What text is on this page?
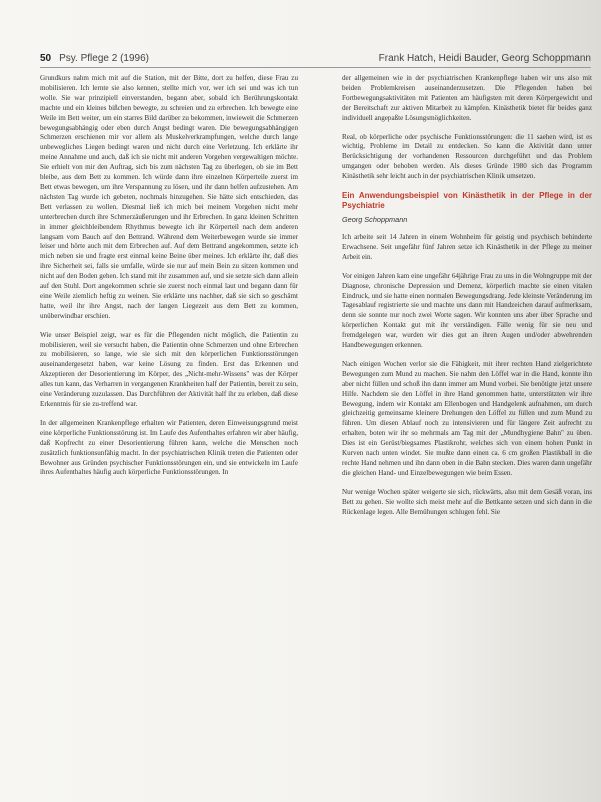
50 Psy. Pflege 2 (1996)	Frank Hatch, Heidi Bauder, Georg Schoppmann

Grundkurs nahm mich mit auf die Station, mit der Bitte, dort zu helfen, diese Frau zu mobilisieren. Ich lernte sie also kennen, stellte mich vor, wer ich sei und was ich tun wolle. Sie war prinzipiell einverstanden, begann aber, sobald ich Berührungskontakt machte und ein kleines bißchen bewegte, zu schreien und zu erbrechen. Ich bewegte eine Weile im Bett weiter, um ein starres Bild darüber zu bekommen, inwieweit die Schmerzen bewegungsabhängig oder eben durch Angst bedingt waren. Die bewegungsabhängigen Schmerzen erschienen mir vor allem als Muskelverkrampfungen, welche durch lange unbewegliches Liegen bedingt waren und nicht durch eine Verletzung. Ich erklärte ihr meine Annahme und auch, daß ich sie nicht mit anderen Vorgehen vergewaltigen möchte. Sie erhielt von mir den Auftrag, sich bis zum nächsten Tag zu überlegen, ob sie im Bett bleibe, aus dem Bett zu kommen. Ich würde dann ihre einzelnen Körperteile zuerst im Bett etwas bewegen, um ihre Verspannung zu lösen, und ihr dann helfen aufzustehen. Am nächsten Tag wurde ich gebeten, nochmals hinzugehen. Sie hätte sich entschieden, das Bett verlassen zu wollen. Diesmal ließ ich mich bei meinem Vorgehen nicht mehr unterbrechen durch ihre Schmerzäußerungen und ihr Erbrechen. In ganz kleinen Schritten in immer gleichbleibendem Rhythmus bewegte ich ihr Körperteil nach dem anderen langsam vom Bauch auf den Bettrand. Während dem Weiterbewegen wurde sie immer leiser und hörte auch mit dem Erbrechen auf. Auf dem Bettrand angekommen, setzte ich mich neben sie und fragte erst einmal keine Beine über meines. Ich erklärte ihr, daß dies ihre Sicherheit sei, falls sie umfalle, würde sie nur auf mein Bein zu sitzen kommen und nicht auf den Boden gehen. Ich stand mit ihr zusammen auf, und sie setzte sich dann allein auf den Stuhl. Dort angekommen schrie sie zuerst noch einmal laut und begann dann für eine Weile ziemlich heftig zu weinen. Sie erklärte uns nachher, daß sie sich so geschämt hatte, weil ihr ihre Angst, nach der langen Liegezeit aus dem Bett zu kommen, unüberwindbar erschien.

Wie unser Beispiel zeigt, war es für die Pflegenden nicht möglich, die Patientin zu mobilisieren, weil sie versucht haben, die Patientin ohne Schmerzen und ohne Erbrechen zu mobilisieren, so lange, wie sie sich mit den körperlichen Funktionsstörungen auseinandergesetzt haben, war keine Lösung zu finden. Erst das Erkennen und Akzeptieren der Desorientierung im Körper, des „Nicht-mehr-Wissens" was der Körper alles tun kann, das Verharren in vergangenen Krankheiten half der Patientin, bereit zu sein, eine Veränderung zuzulassen. Das Durchführen der Aktivität half ihr zu erleben, daß diese Erkenntnis für sie zu-treffend war.

In der allgemeinen Krankenpflege erhalten wir Patienten, deren Einweisungsgrund meist eine körperliche Funktionsstörung ist. Im Laufe des Aufenthaltes erfahren wir aber häufig, daß Kopfrecht zu einer Desorientierung führen kann, welche die Menschen noch zusätzlich funktionsunfähig macht. In der psychiatrischen Klinik treten die Patienten oder Bewohner aus Gründen psychischer Funktionsstörungen ein, und sie entwickeln im Laufe ihres Aufenthaltes häufig auch körperliche Funktionsstörungen. In

der allgemeinen wie in der psychiatrischen Krankenpflege haben wir uns also mit beiden Problemkreisen auseinanderzusetzen. Die Pflegenden haben bei Fortbewegungsaktivitäten mit Patienten am häufigsten mit deren Körpergewicht und der Bereitschaft zur aktiven Mitarbeit zu kämpfen. Kinästhetik bietet für beides ganz individuell angepaßte Lösungsmöglichkeiten.

Real, ob körperliche oder psychische Funktionsstörungen: die 11 saehen wird, ist es wichtig, Probleme im Detail zu entdecken. So kann die Aktivität dann unter Berücksichtigung der vorhandenen Ressourcen durchgeführt und das Problem umgangen oder behoben werden. Als dieses Gründe 1980 sich das Programm Kinästhetik sehr leicht auch in der psychiatrischen Klinik umsetzen.

Ein Anwendungsbeispiel von Kinästhetik in der Pflege in der Psychiatrie
Georg Schoppmann

Ich arbeite seit 14 Jahren in einem Wohnheim für geistig und psychisch behinderte Erwachsene. Seit ungefähr fünf Jahren setze ich Kinästhetik in der Pflege zu meiner Arbeit ein.

Vor einigen Jahren kam eine ungefähr 64jährige Frau zu uns in die Wohngruppe mit der Diagnose, chronische Depression und Demenz, körperlich machte sie einen vitalen Eindruck, und sie hatte einen normalen Bewegungsdrang. Jede kleinste Veränderung im Tagesablauf registrierte sie und machte uns dann mit Handzeichen darauf aufmerksam, denn sie sonnte nur noch zwei Worte sagen. Wir konnten uns aber über Sprache und körperlichen Kontakt gut mit ihr verständigen. Fälle wenig für sie neu und fremdgelegen war, wurden wir dies gut an ihren Augen und/oder abwehrenden Handbewegungen erkennen.

Nach einigen Wochen verlor sie die Fähigkeit, mit ihrer rechten Hand zielgerichtete Bewegungen zum Mund zu machen. Sie nahm den Löffel war in die Hand, konnte ihn aber nicht füllen und schoß ihn dann immer am Mund vorbei. Sie benötigte jetzt unsere Hilfe. Nachdem sie den Löffel in ihre Hand genommen hatte, unterstützten wir ihre Bewegung, indem wir Kontakt am Ellenbogen und Handgelenk aufnahmen, um durch gleichzeitig gemeinsame kleinere Drehungen den Löffel zu füllen und zum Mund zu führen. Um diesen Ablauf noch zu intensivieren und für längere Zeit aufrecht zu erhalten, boten wir ihr so mehrmals am Tag mit der „Mundhygiene Bahn" zu üben. Dies ist ein Gerüst/biegsames Plastikrohr, welches sich von einem hohen Punkt in Kurven nach unten windet. Sie mußte dann einen ca. 6 cm großen Plastikball in die rechte Hand nehmen und ihn dann oben in die Bahn stecken. Dies waren dann ungefähr die gleichen Hand- und Einzelbewegungen wie beim Essen.

Nur wenige Wochen später weigerte sie sich, rückwärts, also mit dem Gesäß voran, ins Bett zu gehen. Sie wollte sich meist mehr auf die Bettkante setzen und sich dann in die Rückenlage legen. Alle Bemühungen schlugen fehl. Sie
